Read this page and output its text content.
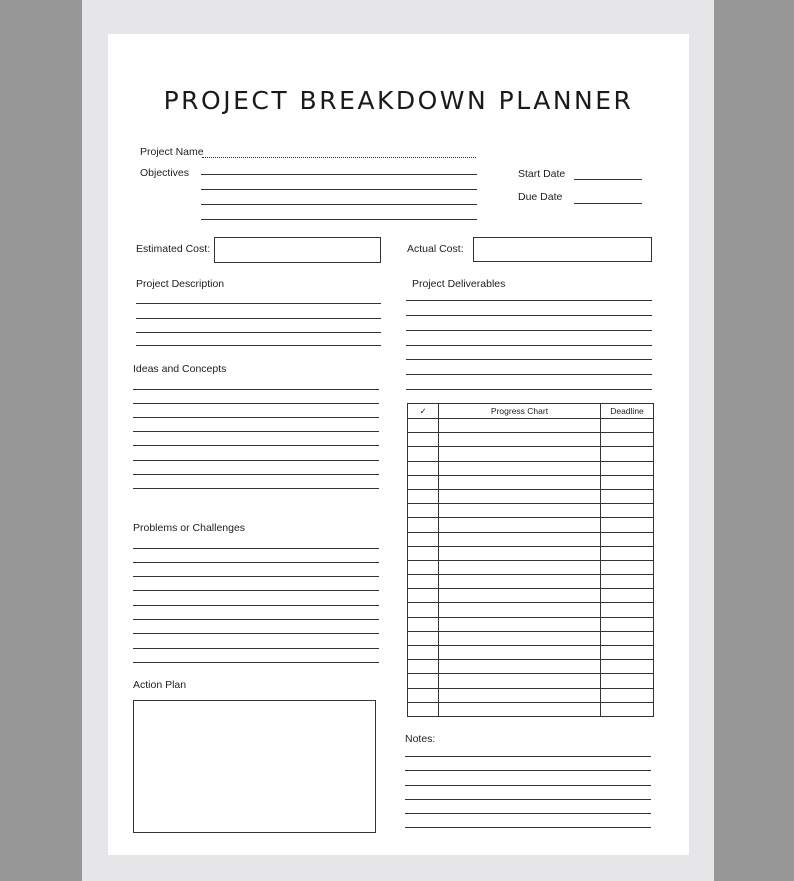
PROJECT BREAKDOWN PLANNER
Project Name
Objectives	Start Date
Due Date
Estimated Cost:	Actual Cost:
Project Description	Project Deliverables
Ideas and Concepts
Problems or Challenges
Action Plan
✓	Progress Chart	Deadline

Notes:
